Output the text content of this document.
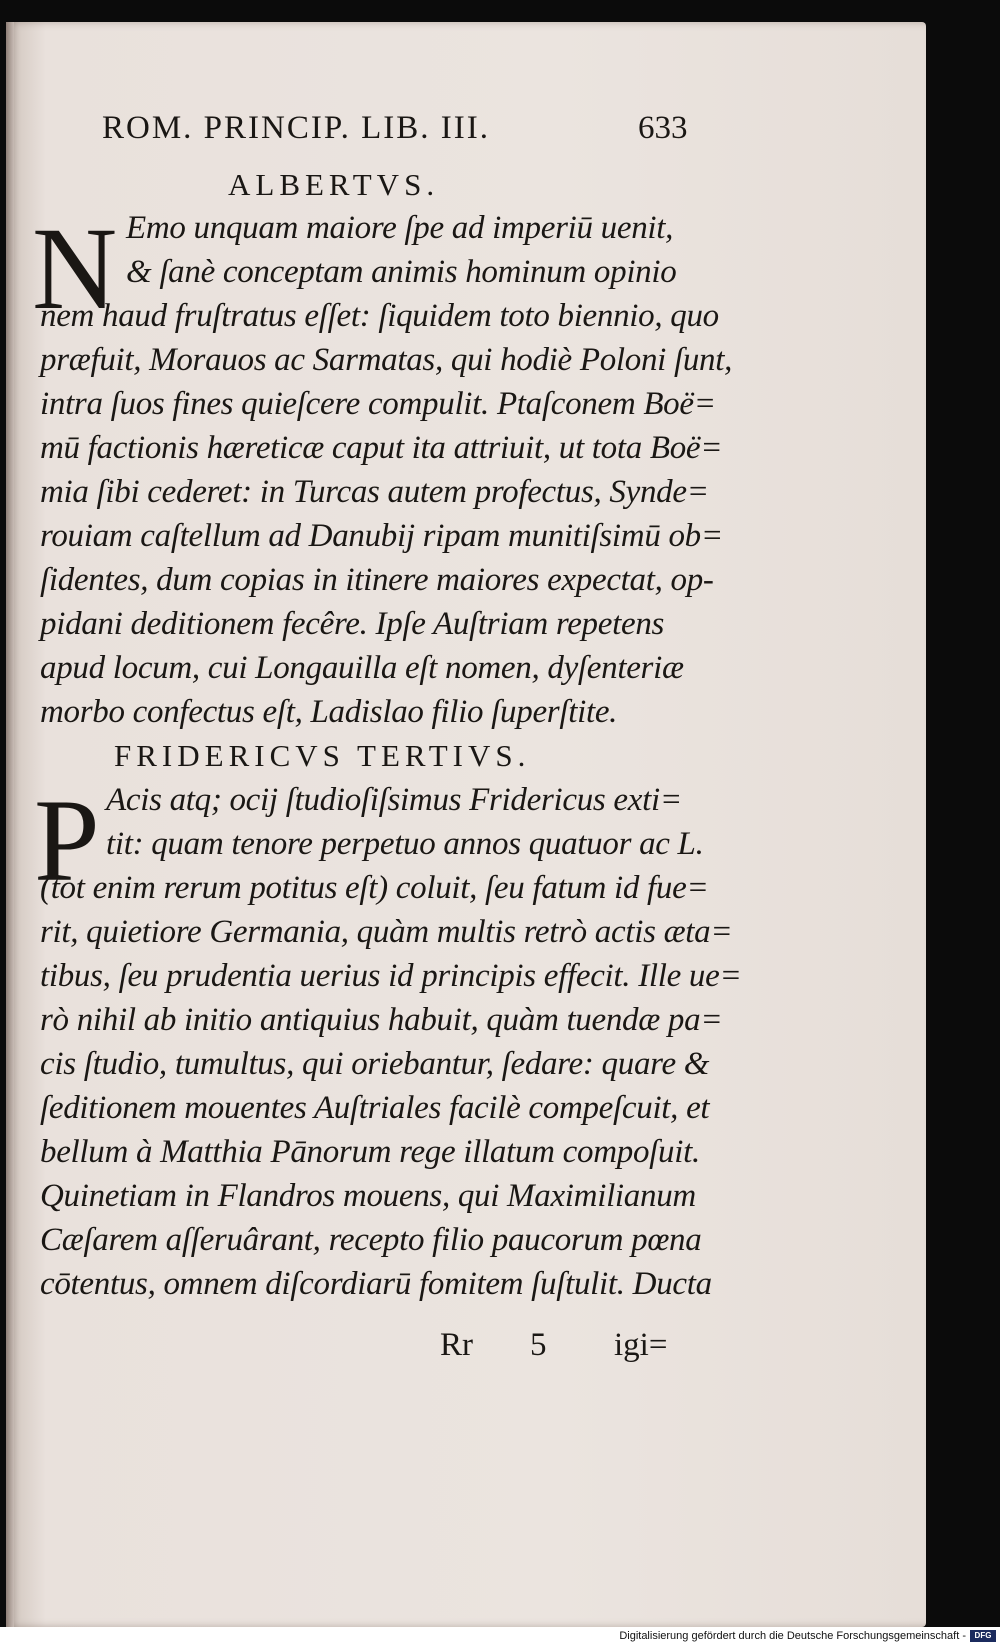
ROM. PRINCIP. LIB. III.	633
ALBERTVS.
N Emo unquam maiore ſpe ad imperiū uenit,
& ſanè conceptam animis hominum opinio
nem haud fruſtratus eſſet: ſiquidem toto biennio, quo
præfuit, Morauos ac Sarmatas, qui hodiè Poloni ſunt,
intra ſuos fines quieſcere compulit. Ptaſconem Boë=
mū factionis hæreticæ caput ita attriuit, ut tota Boë=
mia ſibi cederet: in Turcas autem profectus, Synde=
rouiam caſtellum ad Danubij ripam munitiſsimū ob=
ſidentes, dum copias in itinere maiores expectat, op-
pidani deditionem fecêre. Ipſe Auſtriam repetens
apud locum, cui Longauilla eſt nomen, dyſenteriæ
morbo confectus eſt, Ladislao filio ſuperſtite.
FRIDERICVS TERTIVS.
P Acis atq; ocij ſtudioſiſsimus Fridericus exti=
tit: quam tenore perpetuo annos quatuor ac L.
(tot enim rerum potitus eſt) coluit, ſeu fatum id fue=
rit, quietiore Germania, quàm multis retrò actis æta=
tibus, ſeu prudentia uerius id principis effecit. Ille ue=
rò nihil ab initio antiquius habuit, quàm tuendæ pa=
cis ſtudio, tumultus, qui oriebantur, ſedare: quare &
ſeditionem mouentes Auſtriales facilè compeſcuit, et
bellum à Matthia Pānorum rege illatum compoſuit.
Quinetiam in Flandros mouens, qui Maximilianum
Cæſarem aſſeruârant, recepto filio paucorum pœna
cōtentus, omnem diſcordiarū fomitem ſuſtulit. Ducta
Rr 5 igi=
Digitalisierung gefördert durch die Deutsche Forschungsgemeinschaft -	DFG
